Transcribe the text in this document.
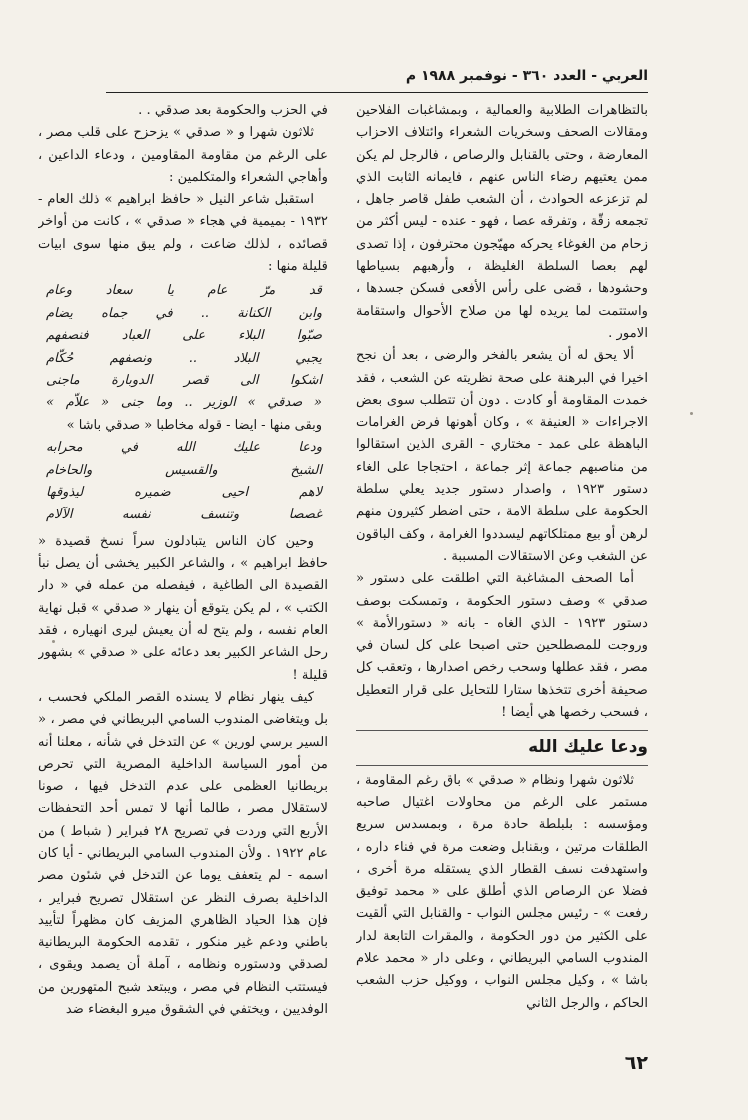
العربي - العدد ٣٦٠ - نوفمبر ١٩٨٨ م

بالتظاهرات الطلابية والعمالية ، وبمشاغبات الفلاحين ومقالات الصحف وسخريات الشعراء وائتلاف الاحزاب المعارضة ، وحتى بالقنابل والرصاص ، فالرجل لم يكن ممن يعتيهم رضاء الناس عنهم ، فايمانه الثابت الذي لم تزعزعه الحوادث ، أن الشعب طفل قاصر جاهل ، تجمعه زقّة ، وتفرقه عصا ، فهو - عنده - ليس أكثر من زحام من الغوغاء يحركه مهيّجون محترفون ، إذا تصدى لهم بعصا السلطة الغليظة ، وأرهبهم بسياطها وحشودها ، قضى على رأس الأفعى فسكن جسدها ، واستتمت لما يريده لها من صلاح الأحوال واستقامة الامور .

ألا يحق له أن يشعر بالفخر والرضى ، بعد أن نجح اخيرا في البرهنة على صحة نظريته عن الشعب ، فقد خمدت المقاومة أو كادت . دون أن تتطلب سوى بعض الاجراءات « العنيفة » ، وكان أهونها فرض الغرامات الباهظة على عمد - مختاري - القرى الذين استقالوا من مناصبهم جماعة إثر جماعة ، احتجاجا على الغاء دستور ١٩٢٣ ، واصدار دستور جديد يعلي سلطة الحكومة على سلطة الامة ، حتى اضطر كثيرون منهم لرهن أو بيع ممتلكاتهم ليسددوا الغرامة ، وكف الباقون عن الشغب وعن الاستقالات المسببة .

أما الصحف المشاغبة التي اطلقت على دستور « صدقي » وصف دستور الحكومة ، وتمسكت بوصف دستور ١٩٢٣ - الذي الغاه - بانه « دستورالأمة » وروجت للمصطلحين حتى اصبحا على كل لسان في مصر ، فقد عطلها وسحب رخص اصدارها ، وتعقب كل صحيفة أخرى تتخذها ستارا للتحايل على قرار التعطيل ، فسحب رخصها هي أيضا !

ودعا عليك الله

ثلاثون شهرا ونظام « صدقي » باق رغم المقاومة ، مستمر على الرغم من محاولات اغتيال صاحبه ومؤسسه : بلبلطة حادة مرة ، وبمسدس سريع الطلقات مرتين ، وبقنابل وضعت مرة في فناء داره ، واستهدفت نسف القطار الذي يستقله مرة أخرى ، فضلا عن الرصاص الذي أطلق على « محمد توفيق رفعت » - رئيس مجلس النواب - والقنابل التي ألقيت على الكثير من دور الحكومة ، والمقرات التابعة لدار المندوب السامي البريطاني ، وعلى دار « محمد علام باشا » ، وكيل مجلس النواب ، ووكيل حزب الشعب الحاكم ، والرجل الثاني

في الحزب والحكومة بعد صدقي . .

ثلاثون شهرا و « صدقي » يزحزح على قلب مصر ، على الرغم من مقاومة المقاومين ، ودعاء الداعين ، وأهاجي الشعراء والمتكلمين :

استقبل شاعر النيل « حافظ ابراهيم » ذلك العام - ١٩٣٢ - بميمية في هجاء « صدقي » ، كانت من أواخر قصائده ، لذلك ضاعت ، ولم يبق منها سوى ابيات قليلة منها :

قد مرّ عام يا سعاد وعام
وابن الكنانة .. في جماه يضام
صبّوا البلاء على العباد فنصفهم
يجبي البلاد .. ونصفهم حُكّام
اشكوا الى قصر الدوبارة ماجنى
« صدقي » الوزير .. وما جنى « علاّم »
وبقى منها - ايضا - قوله مخاطبا « صدقي باشا »
ودعا عليك الله في محرابه
الشيخ والقسيس والحاخام
لاهم احيى ضميره ليذوقها
غصصا وتنسف نفسه الآلام

وحين كان الناس يتبادلون سراً نسخ قصيدة « حافظ ابراهيم » ، والشاعر الكبير يخشى أن يصل نبأ القصيدة الى الطاغية ، فيفصله من عمله في « دار الكتب » ، لم يكن يتوقع أن ينهار « صدقي » قبل نهاية العام نفسه ، ولم يتح له أن يعيش ليرى انهياره ، فقد رحل الشاعر الكبير بعد دعائه على « صدقي » بشهور قليلة !

كيف ينهار نظام لا يسنده القصر الملكي فحسب ، بل ويتغاضى المندوب السامي البريطاني في مصر ، « السير برسي لورين » عن التدخل في شأنه ، معلنا أنه من أمور السياسة الداخلية المصرية التي تحرص بريطانيا العظمى على عدم التدخل فيها ، صونا لاستقلال مصر ، طالما أنها لا تمس أحد التحفظات الأربع التي وردت في تصريح ٢٨ فبراير ( شباط ) من عام ١٩٢٢ . ولأن المندوب السامي البريطاني - أيا كان اسمه - لم يتعفف يوما عن التدخل في شئون مصر الداخلية بصرف النظر عن استقلال تصريح فبراير ، فإن هذا الحياد الظاهري المزيف كان مظهراً لتأييد باطني ودعم غير منكور ، تقدمه الحكومة البريطانية لصدقي ودستوره ونظامه ، آملة أن يصمد ويقوى ، فيستتب النظام في مصر ، ويبتعد شبح المتهورين من الوفديين ، ويختفي في الشقوق ميرو البغضاء ضد

٦٢
